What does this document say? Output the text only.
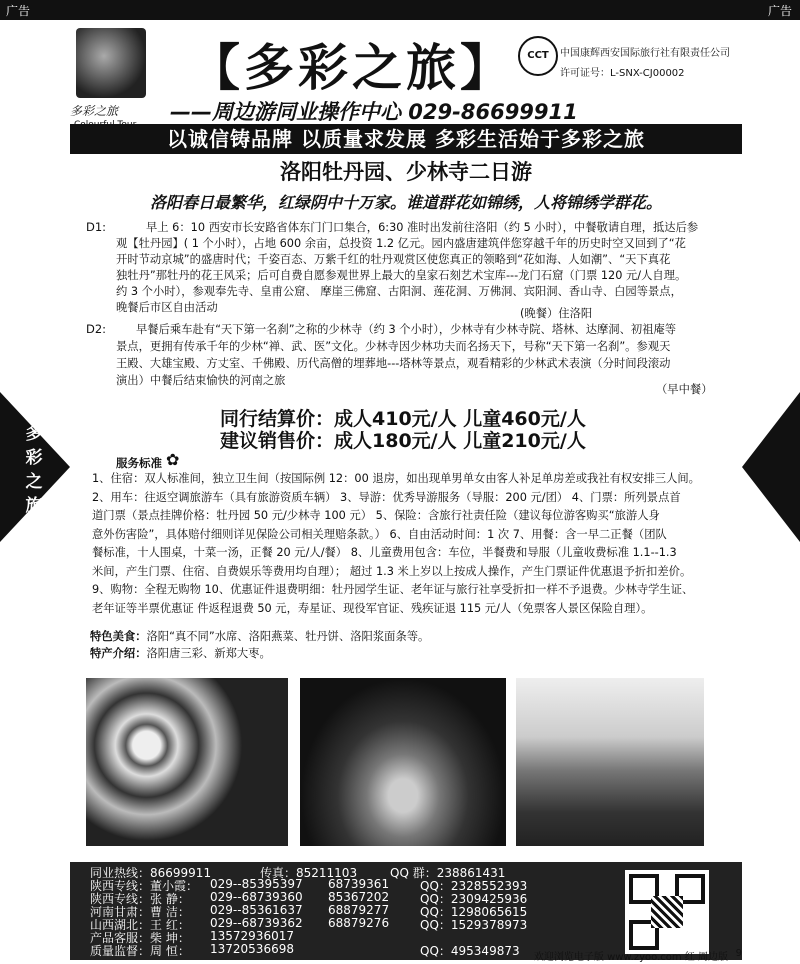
广告	广告
多彩之旅
多彩之旅
【多彩之旅】
——周边游同业操作中心 029-86699911
CCT	中国康辉西安国际旅行社有限责任公司
许可证号：L-SNX-CJ00002
以诚信铸品牌 以质量求发展 多彩生活始于多彩之旅
洛阳牡丹园、少林寺二日游
洛阳春日最繁华，红绿阴中十万家。谁道群花如锦绣，人将锦绣学群花。
D1:	早上 6：10 西安市长安路省体东门门口集合，6:30 准时出发前往洛阳（约 5 小时），中餐敬请自理，抵达后参
观【牡丹园】( 1 个小时），占地 600 余亩，总投资 1.2 亿元。园内盛唐建筑伴您穿越千年的历史时空又回到了“花
开时节动京城”的盛唐时代；千姿百态、万紫千红的牡丹观赏区使您真正的领略到“花如海、人如潮”、“天下真花
独牡丹”那牡丹的花王风采；后可自费自愿参观世界上最大的皇家石刻艺术宝库---龙门石窟（门票 120 元/人自理。
约 3 个小时），参观奉先寺、皇甫公窟、 摩崖三佛窟、古阳洞、莲花洞、万佛洞、宾阳洞、香山寺、白园等景点，
晚餐后市区自由活动	(晚餐）住洛阳
D2:	早餐后乘车赴有“天下第一名刹”之称的少林寺（约 3 个小时），少林寺有少林寺院、塔林、达摩洞、初祖庵等
景点，更拥有传承千年的少林“禅、武、医”文化。少林寺因少林功夫而名扬天下，号称“天下第一名刹”。参观天
王殿、大雄宝殿、方丈室、千佛殿、历代高僧的埋葬地---塔林等景点，观看精彩的少林武术表演（分时间段滚动
演出）中餐后结束愉快的河南之旅
（早中餐）
同行结算价：成人410元/人 儿童460元/人
建议销售价：成人180元/人 儿童210元/人
服务标准 ✿
1、住宿：双人标准间，独立卫生间（按国际例 12：00 退房，如出现单男单女由客人补足单房差或我社有权安排三人间。
2、用车：往返空调旅游车（具有旅游资质车辆） 3、导游：优秀导游服务（导服：200 元/团） 4、门票：所列景点首
道门票（景点挂牌价格：牡丹园 50 元/少林寺 100 元） 5、保险：含旅行社责任险（建议每位游客购买“旅游人身
意外伤害险”，具体赔付细则详见保险公司相关理赔条款。） 6、自由活动时间：1 次 7、用餐：含一早二正餐（团队
餐标准，十人围桌，十菜一汤，正餐 20 元/人/餐） 8、儿童费用包含：车位，半餐费和导服（儿童收费标准 1.1--1.3
米间，产生门票、住宿、自费娱乐等费用均自理）； 超过 1.3 米上岁以上按成人操作，产生门票证件优惠退予折扣差价。
9、购物：全程无购物 10、优惠证件退费明细：牡丹园学生证、老年证与旅行社享受折扣一样不予退费。少林寺学生证、
老年证等半票优惠证 件返程退费 50 元，寿星证、现役军官证、残疾证退 115 元/人（免票客人景区保险自理）。
特色美食：洛阳“真不同”水席、洛阳燕菜、牡丹饼、洛阳浆面条等。
特产介绍：洛阳唐三彩、新郑大枣。
同业热线：86699911	传真：85211103	QQ 群：238861431
陕西专线：董小霞： 029--85395397 68739361	QQ：2328552393
陕西专线：张 静： 029--68739360 85367202	QQ：2309425936
河南甘肃：曹 洁： 029--85361637 68879277	QQ：1298065615
山西湖北：王 红： 029--68739362 68879276	QQ：1529378973
产品客服：柴 坤： 13572936017
质量监督：周 恒： 13720536698	QQ：495349873 欢迎浏览电子版 www.zyoo.com 红 周边版 9
